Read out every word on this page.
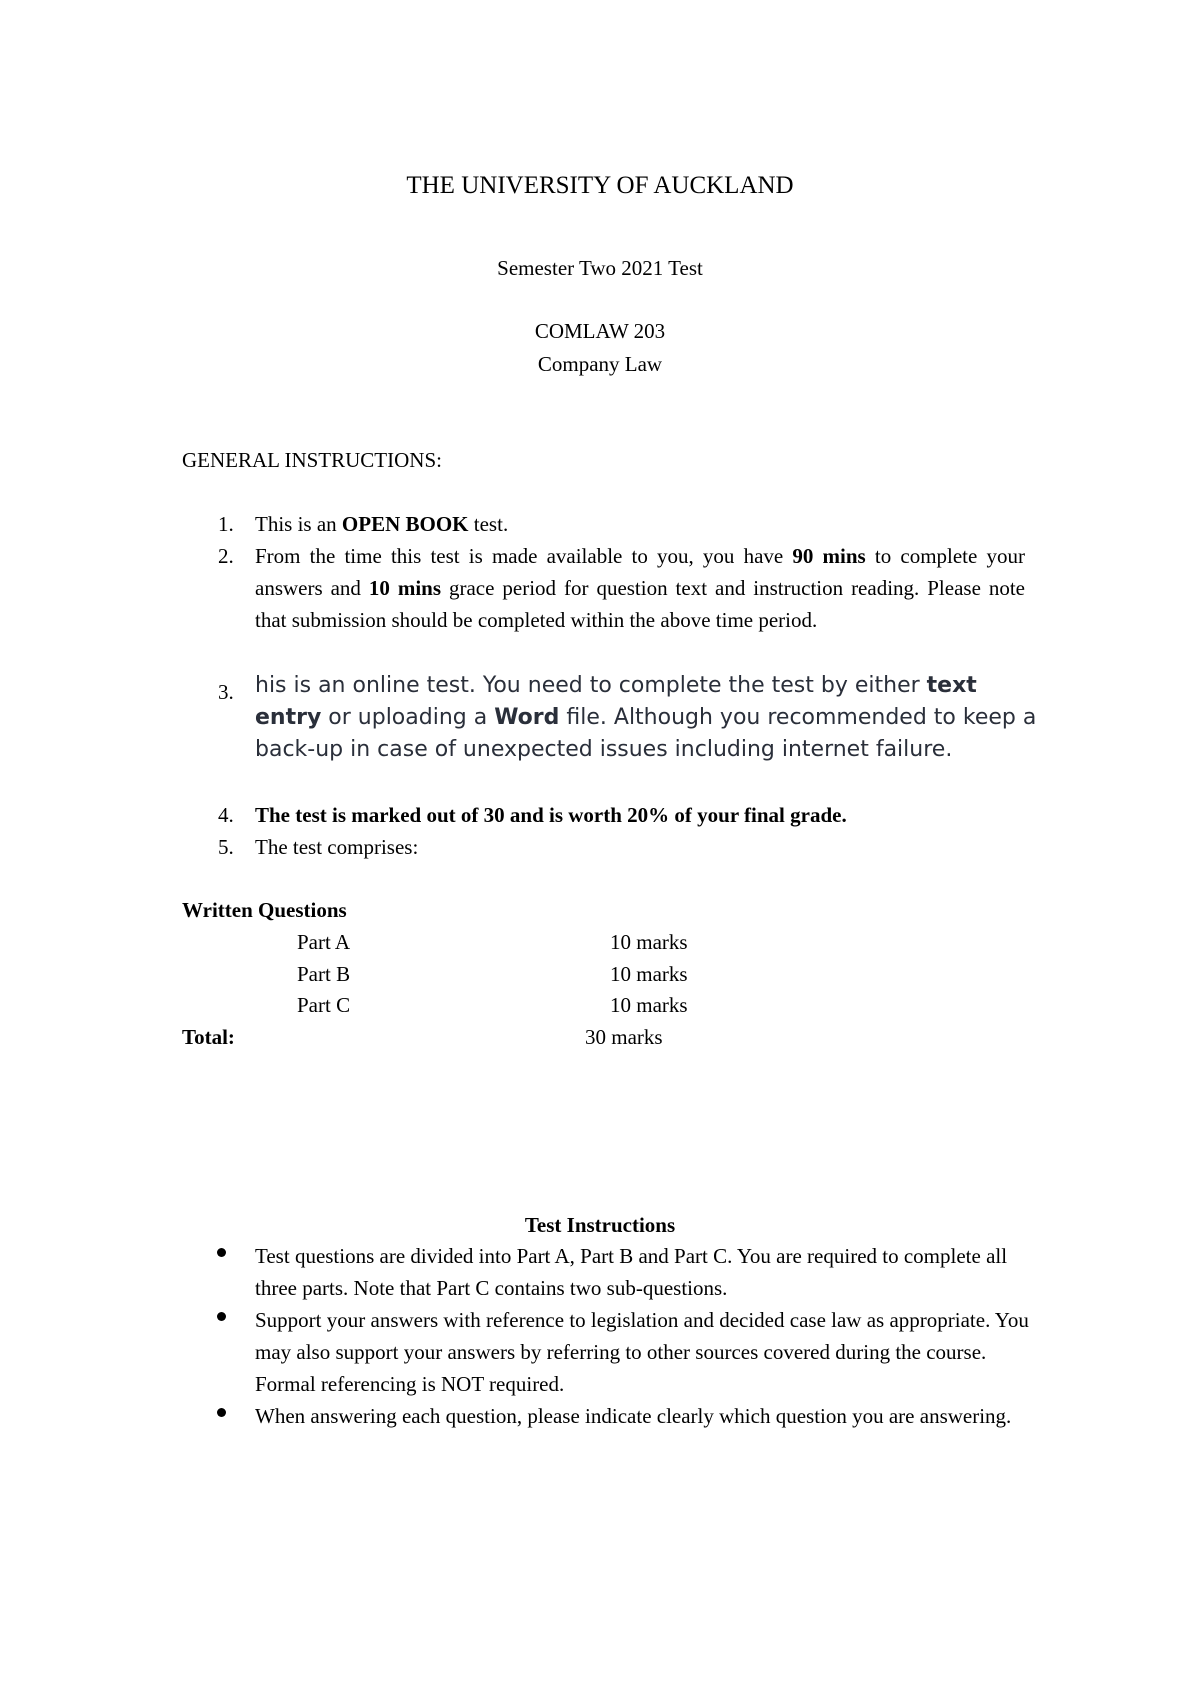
THE UNIVERSITY OF AUCKLAND
Semester Two 2021 Test
COMLAW 203
Company Law
GENERAL INSTRUCTIONS:
1. This is an OPEN BOOK test.
2. From the time this test is made available to you, you have 90 mins to complete your answers and 10 mins grace period for question text and instruction reading. Please note that submission should be completed within the above time period.
3. his is an online test. You need to complete the test by either text entry or uploading a Word file. Although you recommended to keep a back-up in case of unexpected issues including internet failure.
4. The test is marked out of 30 and is worth 20% of your final grade.
5. The test comprises:
Written Questions
Part A	10 marks
Part B	10 marks
Part C	10 marks
Total:	30 marks
Test Instructions
Test questions are divided into Part A, Part B and Part C. You are required to complete all three parts. Note that Part C contains two sub-questions.
Support your answers with reference to legislation and decided case law as appropriate. You may also support your answers by referring to other sources covered during the course. Formal referencing is NOT required.
When answering each question, please indicate clearly which question you are answering.
